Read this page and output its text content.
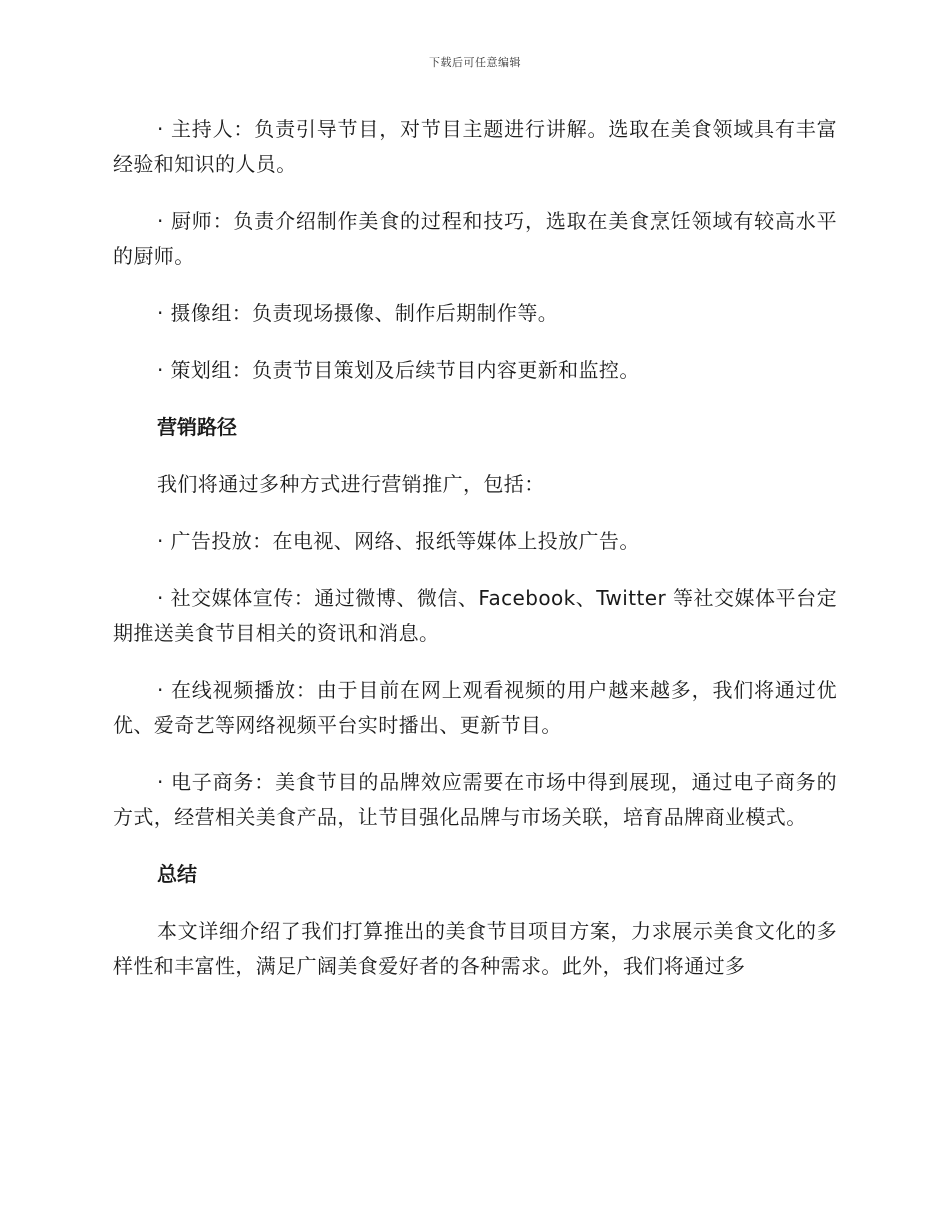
下载后可任意编辑

· 主持人：负责引导节目，对节目主题进行讲解。选取在美食领域具有丰富经验和知识的人员。

· 厨师：负责介绍制作美食的过程和技巧，选取在美食烹饪领域有较高水平的厨师。

· 摄像组：负责现场摄像、制作后期制作等。

· 策划组：负责节目策划及后续节目内容更新和监控。

营销路径

我们将通过多种方式进行营销推广，包括：

· 广告投放：在电视、网络、报纸等媒体上投放广告。

· 社交媒体宣传：通过微博、微信、Facebook、Twitter 等社交媒体平台定期推送美食节目相关的资讯和消息。

· 在线视频播放：由于目前在网上观看视频的用户越来越多，我们将通过优优、爱奇艺等网络视频平台实时播出、更新节目。

· 电子商务：美食节目的品牌效应需要在市场中得到展现，通过电子商务的方式，经营相关美食产品，让节目强化品牌与市场关联，培育品牌商业模式。

总结

本文详细介绍了我们打算推出的美食节目项目方案，力求展示美食文化的多样性和丰富性，满足广阔美食爱好者的各种需求。此外，我们将通过多
